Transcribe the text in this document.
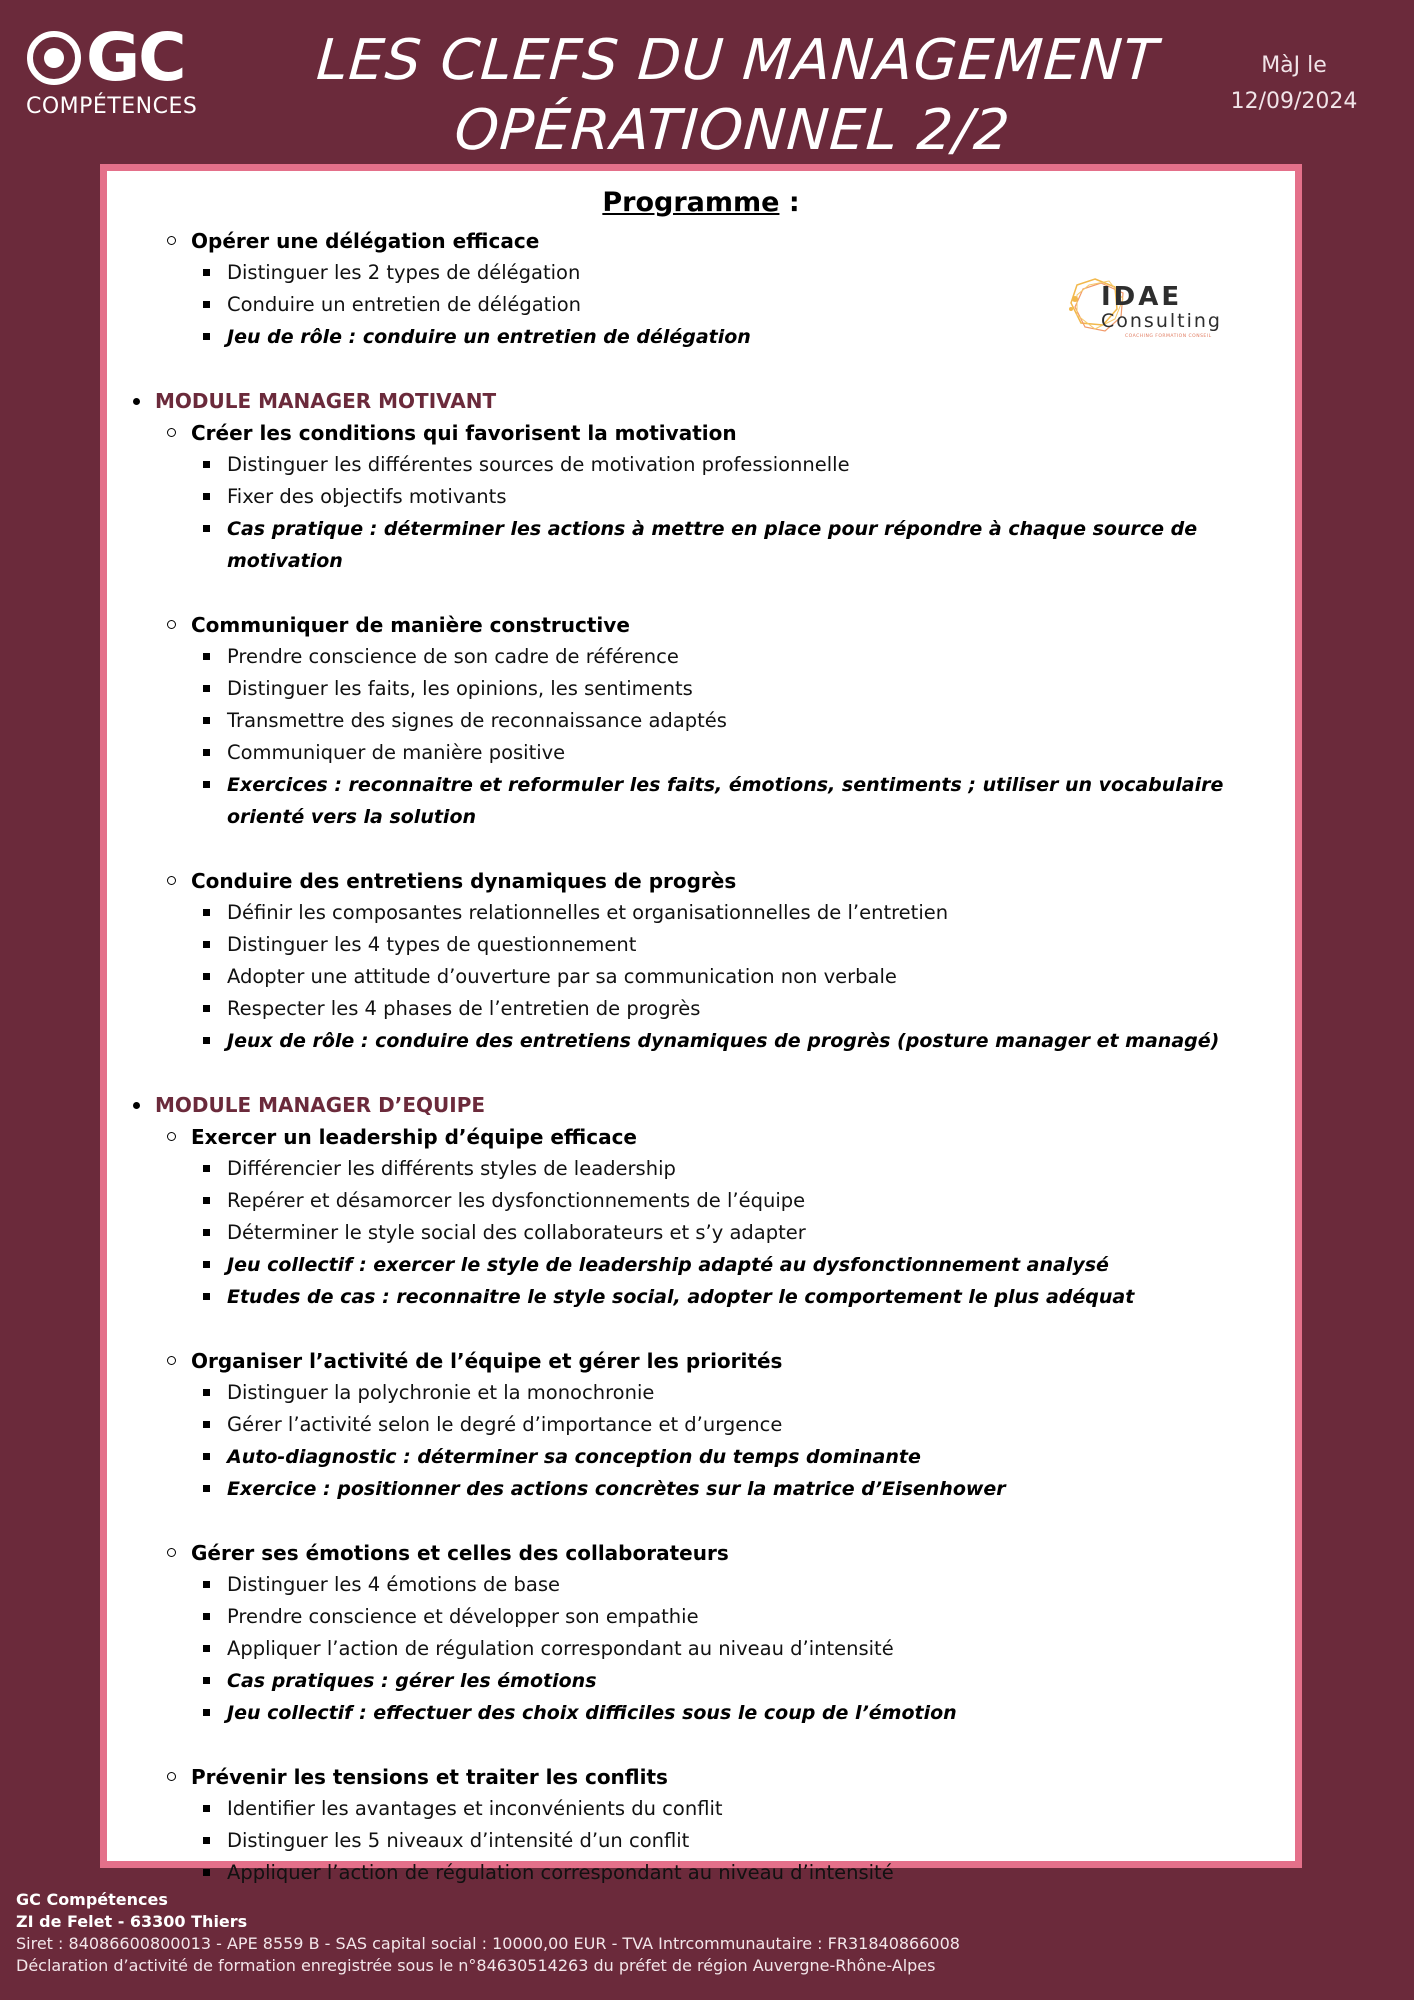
GC
COMPÉTENCES
LES CLEFS DU MANAGEMENT
OPÉRATIONNEL 2/2
MàJ le
12/09/2024
Programme :
IDAE
Consulting
COACHING FORMATION CONSEIL
Opérer une délégation efficace
Distinguer les 2 types de délégation
Conduire un entretien de délégation
Jeu de rôle : conduire un entretien de délégation
MODULE MANAGER MOTIVANT
Créer les conditions qui favorisent la motivation
Distinguer les différentes sources de motivation professionnelle
Fixer des objectifs motivants
Cas pratique : déterminer les actions à mettre en place pour répondre à chaque source de motivation
Communiquer de manière constructive
Prendre conscience de son cadre de référence
Distinguer les faits, les opinions, les sentiments
Transmettre des signes de reconnaissance adaptés
Communiquer de manière positive
Exercices : reconnaitre et reformuler les faits, émotions, sentiments ; utiliser un vocabulaire orienté vers la solution
Conduire des entretiens dynamiques de progrès
Définir les composantes relationnelles et organisationnelles de l’entretien
Distinguer les 4 types de questionnement
Adopter une attitude d’ouverture par sa communication non verbale
Respecter les 4 phases de l’entretien de progrès
Jeux de rôle : conduire des entretiens dynamiques de progrès (posture manager et managé)
MODULE MANAGER D’EQUIPE
Exercer un leadership d’équipe efficace
Différencier les différents styles de leadership
Repérer et désamorcer les dysfonctionnements de l’équipe
Déterminer le style social des collaborateurs et s’y adapter
Jeu collectif : exercer le style de leadership adapté au dysfonctionnement analysé
Etudes de cas : reconnaitre le style social, adopter le comportement le plus adéquat
Organiser l’activité de l’équipe et gérer les priorités
Distinguer la polychronie et la monochronie
Gérer l’activité selon le degré d’importance et d’urgence
Auto-diagnostic : déterminer sa conception du temps dominante
Exercice : positionner des actions concrètes sur la matrice d’Eisenhower
Gérer ses émotions et celles des collaborateurs
Distinguer les 4 émotions de base
Prendre conscience et développer son empathie
Appliquer l’action de régulation correspondant au niveau d’intensité
Cas pratiques : gérer les émotions
Jeu collectif : effectuer des choix difficiles sous le coup de l’émotion
Prévenir les tensions et traiter les conflits
Identifier les avantages et inconvénients du conflit
Distinguer les 5 niveaux d’intensité d’un conflit
Appliquer l’action de régulation correspondant au niveau d’intensité
GC Compétences
ZI de Felet - 63300 Thiers
Siret : 84086600800013 - APE 8559 B - SAS capital social : 10000,00 EUR - TVA Intrcommunautaire : FR31840866008
Déclaration d’activité de formation enregistrée sous le n°84630514263 du préfet de région Auvergne-Rhône-Alpes
